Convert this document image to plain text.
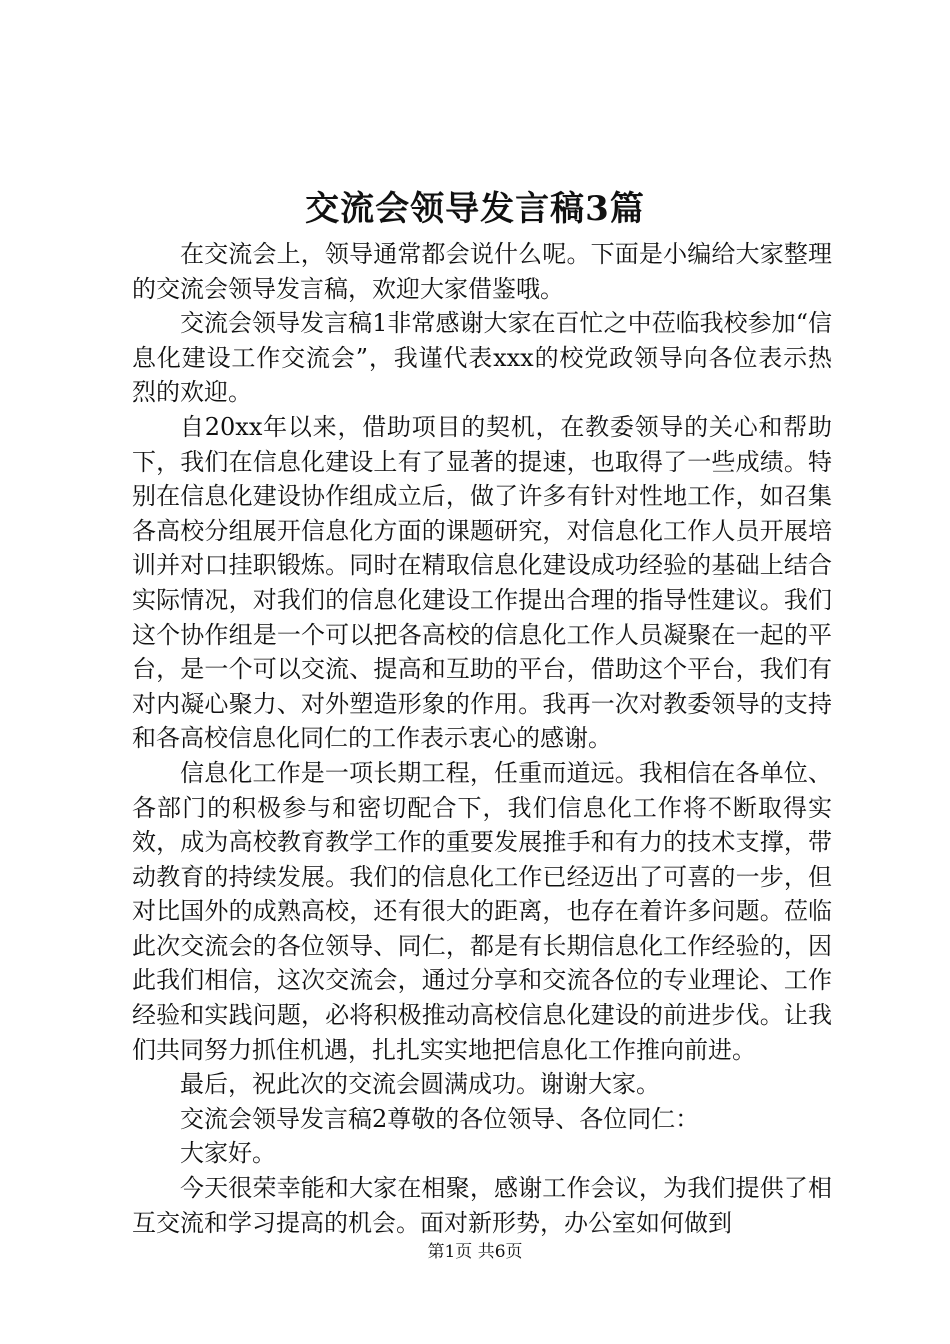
交流会领导发言稿3篇

在交流会上，领导通常都会说什么呢。下面是小编给大家整理的交流会领导发言稿，欢迎大家借鉴哦。

交流会领导发言稿1非常感谢大家在百忙之中莅临我校参加“信息化建设工作交流会”，我谨代表xxx的校党政领导向各位表示热烈的欢迎。

自20xx年以来，借助项目的契机，在教委领导的关心和帮助下，我们在信息化建设上有了显著的提速，也取得了一些成绩。特别在信息化建设协作组成立后，做了许多有针对性地工作，如召集各高校分组展开信息化方面的课题研究，对信息化工作人员开展培训并对口挂职锻炼。同时在精取信息化建设成功经验的基础上结合实际情况，对我们的信息化建设工作提出合理的指导性建议。我们这个协作组是一个可以把各高校的信息化工作人员凝聚在一起的平台，是一个可以交流、提高和互助的平台，借助这个平台，我们有对内凝心聚力、对外塑造形象的作用。我再一次对教委领导的支持和各高校信息化同仁的工作表示衷心的感谢。

信息化工作是一项长期工程，任重而道远。我相信在各单位、各部门的积极参与和密切配合下，我们信息化工作将不断取得实效，成为高校教育教学工作的重要发展推手和有力的技术支撑，带动教育的持续发展。我们的信息化工作已经迈出了可喜的一步，但对比国外的成熟高校，还有很大的距离，也存在着许多问题。莅临此次交流会的各位领导、同仁，都是有长期信息化工作经验的，因此我们相信，这次交流会，通过分享和交流各位的专业理论、工作经验和实践问题，必将积极推动高校信息化建设的前进步伐。让我们共同努力抓住机遇，扎扎实实地把信息化工作推向前进。

最后，祝此次的交流会圆满成功。谢谢大家。

交流会领导发言稿2尊敬的各位领导、各位同仁：

大家好。

今天很荣幸能和大家在相聚，感谢工作会议，为我们提供了相互交流和学习提高的机会。面对新形势，办公室如何做到

第1页 共6页
